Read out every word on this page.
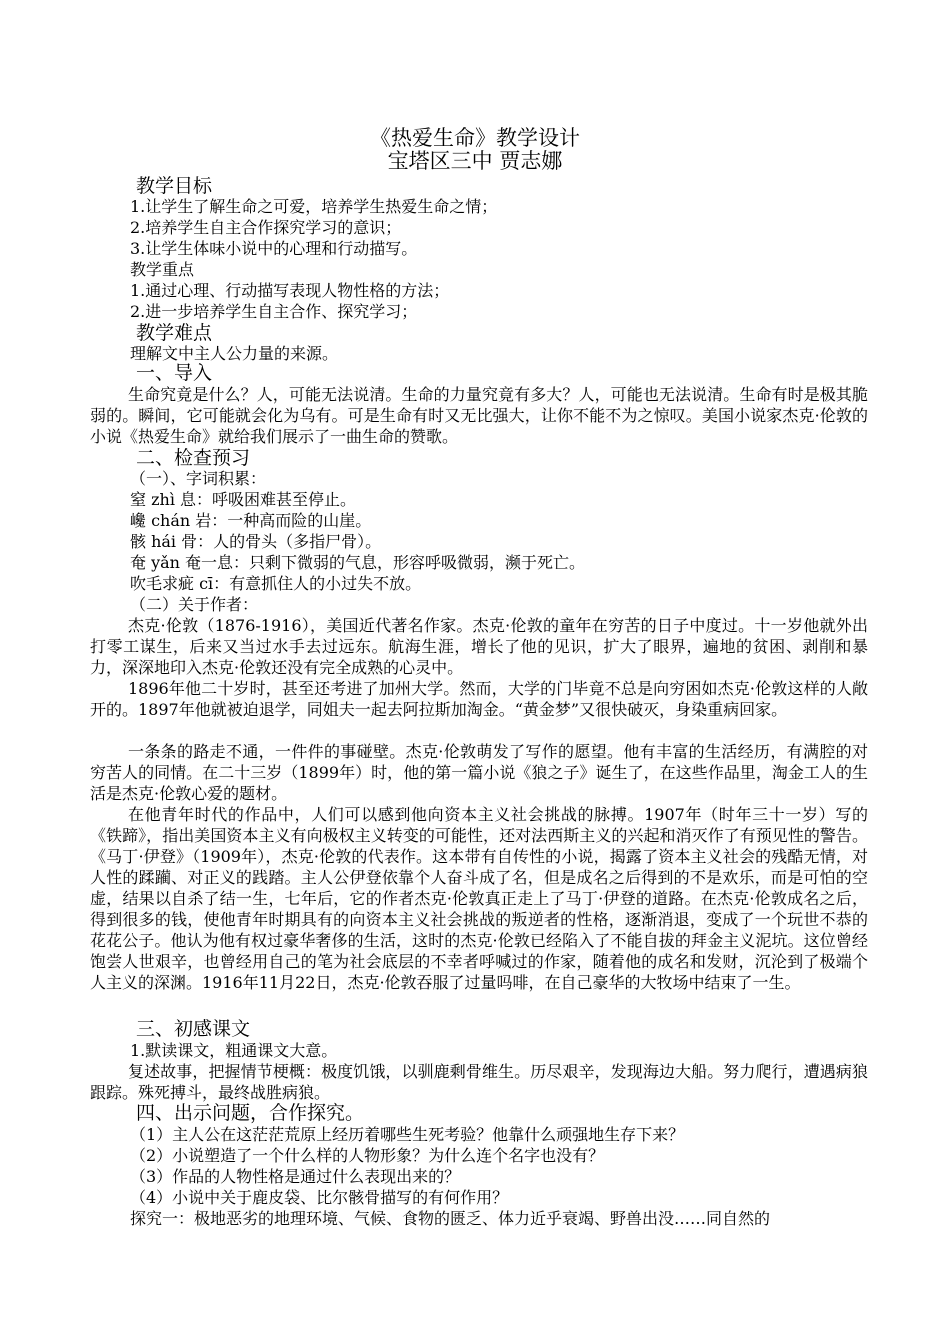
《热爱生命》教学设计
宝塔区三中 贾志娜
教学目标
1.让学生了解生命之可爱，培养学生热爱生命之情；
2.培养学生自主合作探究学习的意识；
3.让学生体味小说中的心理和行动描写。
教学重点
1.通过心理、行动描写表现人物性格的方法；
2.进一步培养学生自主合作、探究学习；
教学难点
理解文中主人公力量的来源。
一、导入
生命究竟是什么？人，可能无法说清。生命的力量究竟有多大？人，可能也无法说清。生命有时是极其脆弱的。瞬间，它可能就会化为乌有。可是生命有时又无比强大，让你不能不为之惊叹。美国小说家杰克·伦敦的小说《热爱生命》就给我们展示了一曲生命的赞歌。
二、检查预习
（一）、字词积累：
窒 zhì 息：呼吸困难甚至停止。
巉 chán 岩：一种高而险的山崖。
骸 hái 骨：人的骨头（多指尸骨）。
奄 yǎn 奄一息：只剩下微弱的气息，形容呼吸微弱，濒于死亡。
吹毛求疵 cī：有意抓住人的小过失不放。
（二）关于作者：
杰克·伦敦（1876-1916），美国近代著名作家。杰克·伦敦的童年在穷苦的日子中度过。十一岁他就外出打零工谋生，后来又当过水手去过远东。航海生涯，增长了他的见识，扩大了眼界，遍地的贫困、剥削和暴力，深深地印入杰克·伦敦还没有完全成熟的心灵中。
1896年他二十岁时，甚至还考进了加州大学。然而，大学的门毕竟不总是向穷困如杰克·伦敦这样的人敞开的。1897年他就被迫退学，同姐夫一起去阿拉斯加淘金。“黄金梦”又很快破灭，身染重病回家。
一条条的路走不通，一件件的事碰壁。杰克·伦敦萌发了写作的愿望。他有丰富的生活经历，有满腔的对穷苦人的同情。在二十三岁（1899年）时，他的第一篇小说《狼之子》诞生了，在这些作品里，淘金工人的生活是杰克·伦敦心爱的题材。
在他青年时代的作品中，人们可以感到他向资本主义社会挑战的脉搏。1907年（时年三十一岁）写的《铁蹄》，指出美国资本主义有向极权主义转变的可能性，还对法西斯主义的兴起和消灭作了有预见性的警告。《马丁·伊登》（1909年），杰克·伦敦的代表作。这本带有自传性的小说，揭露了资本主义社会的残酷无情，对人性的蹂躏、对正义的践踏。主人公伊登依靠个人奋斗成了名，但是成名之后得到的不是欢乐，而是可怕的空虚，结果以自杀了结一生，七年后，它的作者杰克·伦敦真正走上了马丁·伊登的道路。在杰克·伦敦成名之后，得到很多的钱，使他青年时期具有的向资本主义社会挑战的叛逆者的性格，逐渐消退，变成了一个玩世不恭的花花公子。他认为他有权过豪华奢侈的生活，这时的杰克·伦敦已经陷入了不能自拔的拜金主义泥坑。这位曾经饱尝人世艰辛，也曾经用自己的笔为社会底层的不幸者呼喊过的作家，随着他的成名和发财，沉沦到了极端个人主义的深渊。1916年11月22日，杰克·伦敦吞服了过量吗啡，在自己豪华的大牧场中结束了一生。
三、初感课文
1.默读课文，粗通课文大意。
复述故事，把握情节梗概：极度饥饿，以驯鹿剩骨维生。历尽艰辛，发现海边大船。努力爬行，遭遇病狼跟踪。殊死搏斗，最终战胜病狼。
四、出示问题，合作探究。
（1）主人公在这茫茫荒原上经历着哪些生死考验？他靠什么顽强地生存下来？
（2）小说塑造了一个什么样的人物形象？为什么连个名字也没有？
（3）作品的人物性格是通过什么表现出来的？
（4）小说中关于鹿皮袋、比尔骸骨描写的有何作用？
探究一：极地恶劣的地理环境、气候、食物的匮乏、体力近乎衰竭、野兽出没……同自然的
